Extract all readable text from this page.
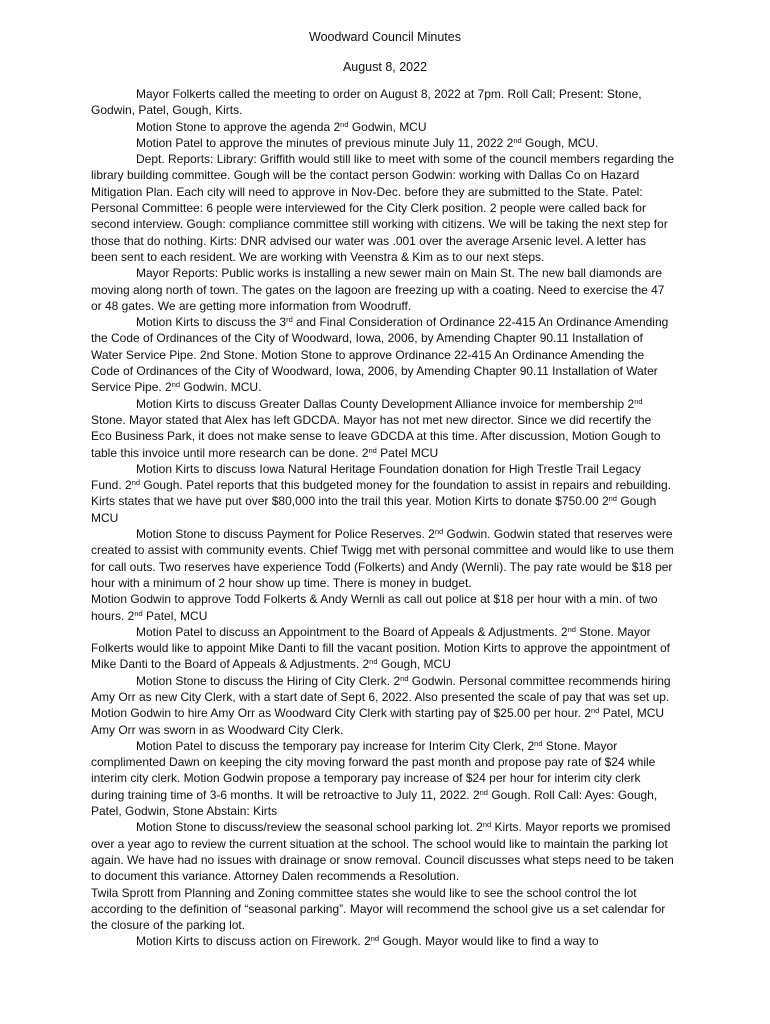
Woodward Council Minutes

August 8, 2022

Mayor Folkerts called the meeting to order on August 8, 2022 at 7pm. Roll Call; Present: Stone, Godwin, Patel, Gough, Kirts.

Motion Stone to approve the agenda 2nd Godwin, MCU

Motion Patel to approve the minutes of previous minute July 11, 2022 2nd Gough, MCU.

Dept. Reports: Library: Griffith would still like to meet with some of the council members regarding the library building committee. Gough will be the contact person Godwin: working with Dallas Co on Hazard Mitigation Plan. Each city will need to approve in Nov-Dec. before they are submitted to the State. Patel: Personal Committee: 6 people were interviewed for the City Clerk position. 2 people were called back for second interview. Gough: compliance committee still working with citizens. We will be taking the next step for those that do nothing. Kirts: DNR advised our water was .001 over the average Arsenic level. A letter has been sent to each resident. We are working with Veenstra & Kim as to our next steps.

Mayor Reports: Public works is installing a new sewer main on Main St. The new ball diamonds are moving along north of town. The gates on the lagoon are freezing up with a coating. Need to exercise the 47 or 48 gates. We are getting more information from Woodruff.

Motion Kirts to discuss the 3rd and Final Consideration of Ordinance 22-415 An Ordinance Amending the Code of Ordinances of the City of Woodward, Iowa, 2006, by Amending Chapter 90.11 Installation of Water Service Pipe. 2nd Stone. Motion Stone to approve Ordinance 22-415 An Ordinance Amending the Code of Ordinances of the City of Woodward, Iowa, 2006, by Amending Chapter 90.11 Installation of Water Service Pipe. 2nd Godwin. MCU.

Motion Kirts to discuss Greater Dallas County Development Alliance invoice for membership 2nd Stone. Mayor stated that Alex has left GDCDA. Mayor has not met new director. Since we did recertify the Eco Business Park, it does not make sense to leave GDCDA at this time. After discussion, Motion Gough to table this invoice until more research can be done. 2nd Patel MCU

Motion Kirts to discuss Iowa Natural Heritage Foundation donation for High Trestle Trail Legacy Fund. 2nd Gough. Patel reports that this budgeted money for the foundation to assist in repairs and rebuilding. Kirts states that we have put over $80,000 into the trail this year. Motion Kirts to donate $750.00 2nd Gough MCU

Motion Stone to discuss Payment for Police Reserves. 2nd Godwin. Godwin stated that reserves were created to assist with community events. Chief Twigg met with personal committee and would like to use them for call outs. Two reserves have experience Todd (Folkerts) and Andy (Wernli). The pay rate would be $18 per hour with a minimum of 2 hour show up time. There is money in budget.

Motion Godwin to approve Todd Folkerts & Andy Wernli as call out police at $18 per hour with a min. of two hours. 2nd Patel, MCU

Motion Patel to discuss an Appointment to the Board of Appeals & Adjustments. 2nd Stone. Mayor Folkerts would like to appoint Mike Danti to fill the vacant position. Motion Kirts to approve the appointment of Mike Danti to the Board of Appeals & Adjustments. 2nd Gough, MCU

Motion Stone to discuss the Hiring of City Clerk. 2nd Godwin. Personal committee recommends hiring Amy Orr as new City Clerk, with a start date of Sept 6, 2022. Also presented the scale of pay that was set up. Motion Godwin to hire Amy Orr as Woodward City Clerk with starting pay of $25.00 per hour. 2nd Patel, MCU Amy Orr was sworn in as Woodward City Clerk.

Motion Patel to discuss the temporary pay increase for Interim City Clerk, 2nd Stone. Mayor complimented Dawn on keeping the city moving forward the past month and propose pay rate of $24 while interim city clerk. Motion Godwin propose a temporary pay increase of $24 per hour for interim city clerk during training time of 3-6 months. It will be retroactive to July 11, 2022. 2nd Gough. Roll Call: Ayes: Gough, Patel, Godwin, Stone Abstain: Kirts

Motion Stone to discuss/review the seasonal school parking lot. 2nd Kirts. Mayor reports we promised over a year ago to review the current situation at the school. The school would like to maintain the parking lot again. We have had no issues with drainage or snow removal. Council discusses what steps need to be taken to document this variance. Attorney Dalen recommends a Resolution.

Twila Sprott from Planning and Zoning committee states she would like to see the school control the lot according to the definition of “seasonal parking”. Mayor will recommend the school give us a set calendar for the closure of the parking lot.

Motion Kirts to discuss action on Firework. 2nd Gough. Mayor would like to find a way to
